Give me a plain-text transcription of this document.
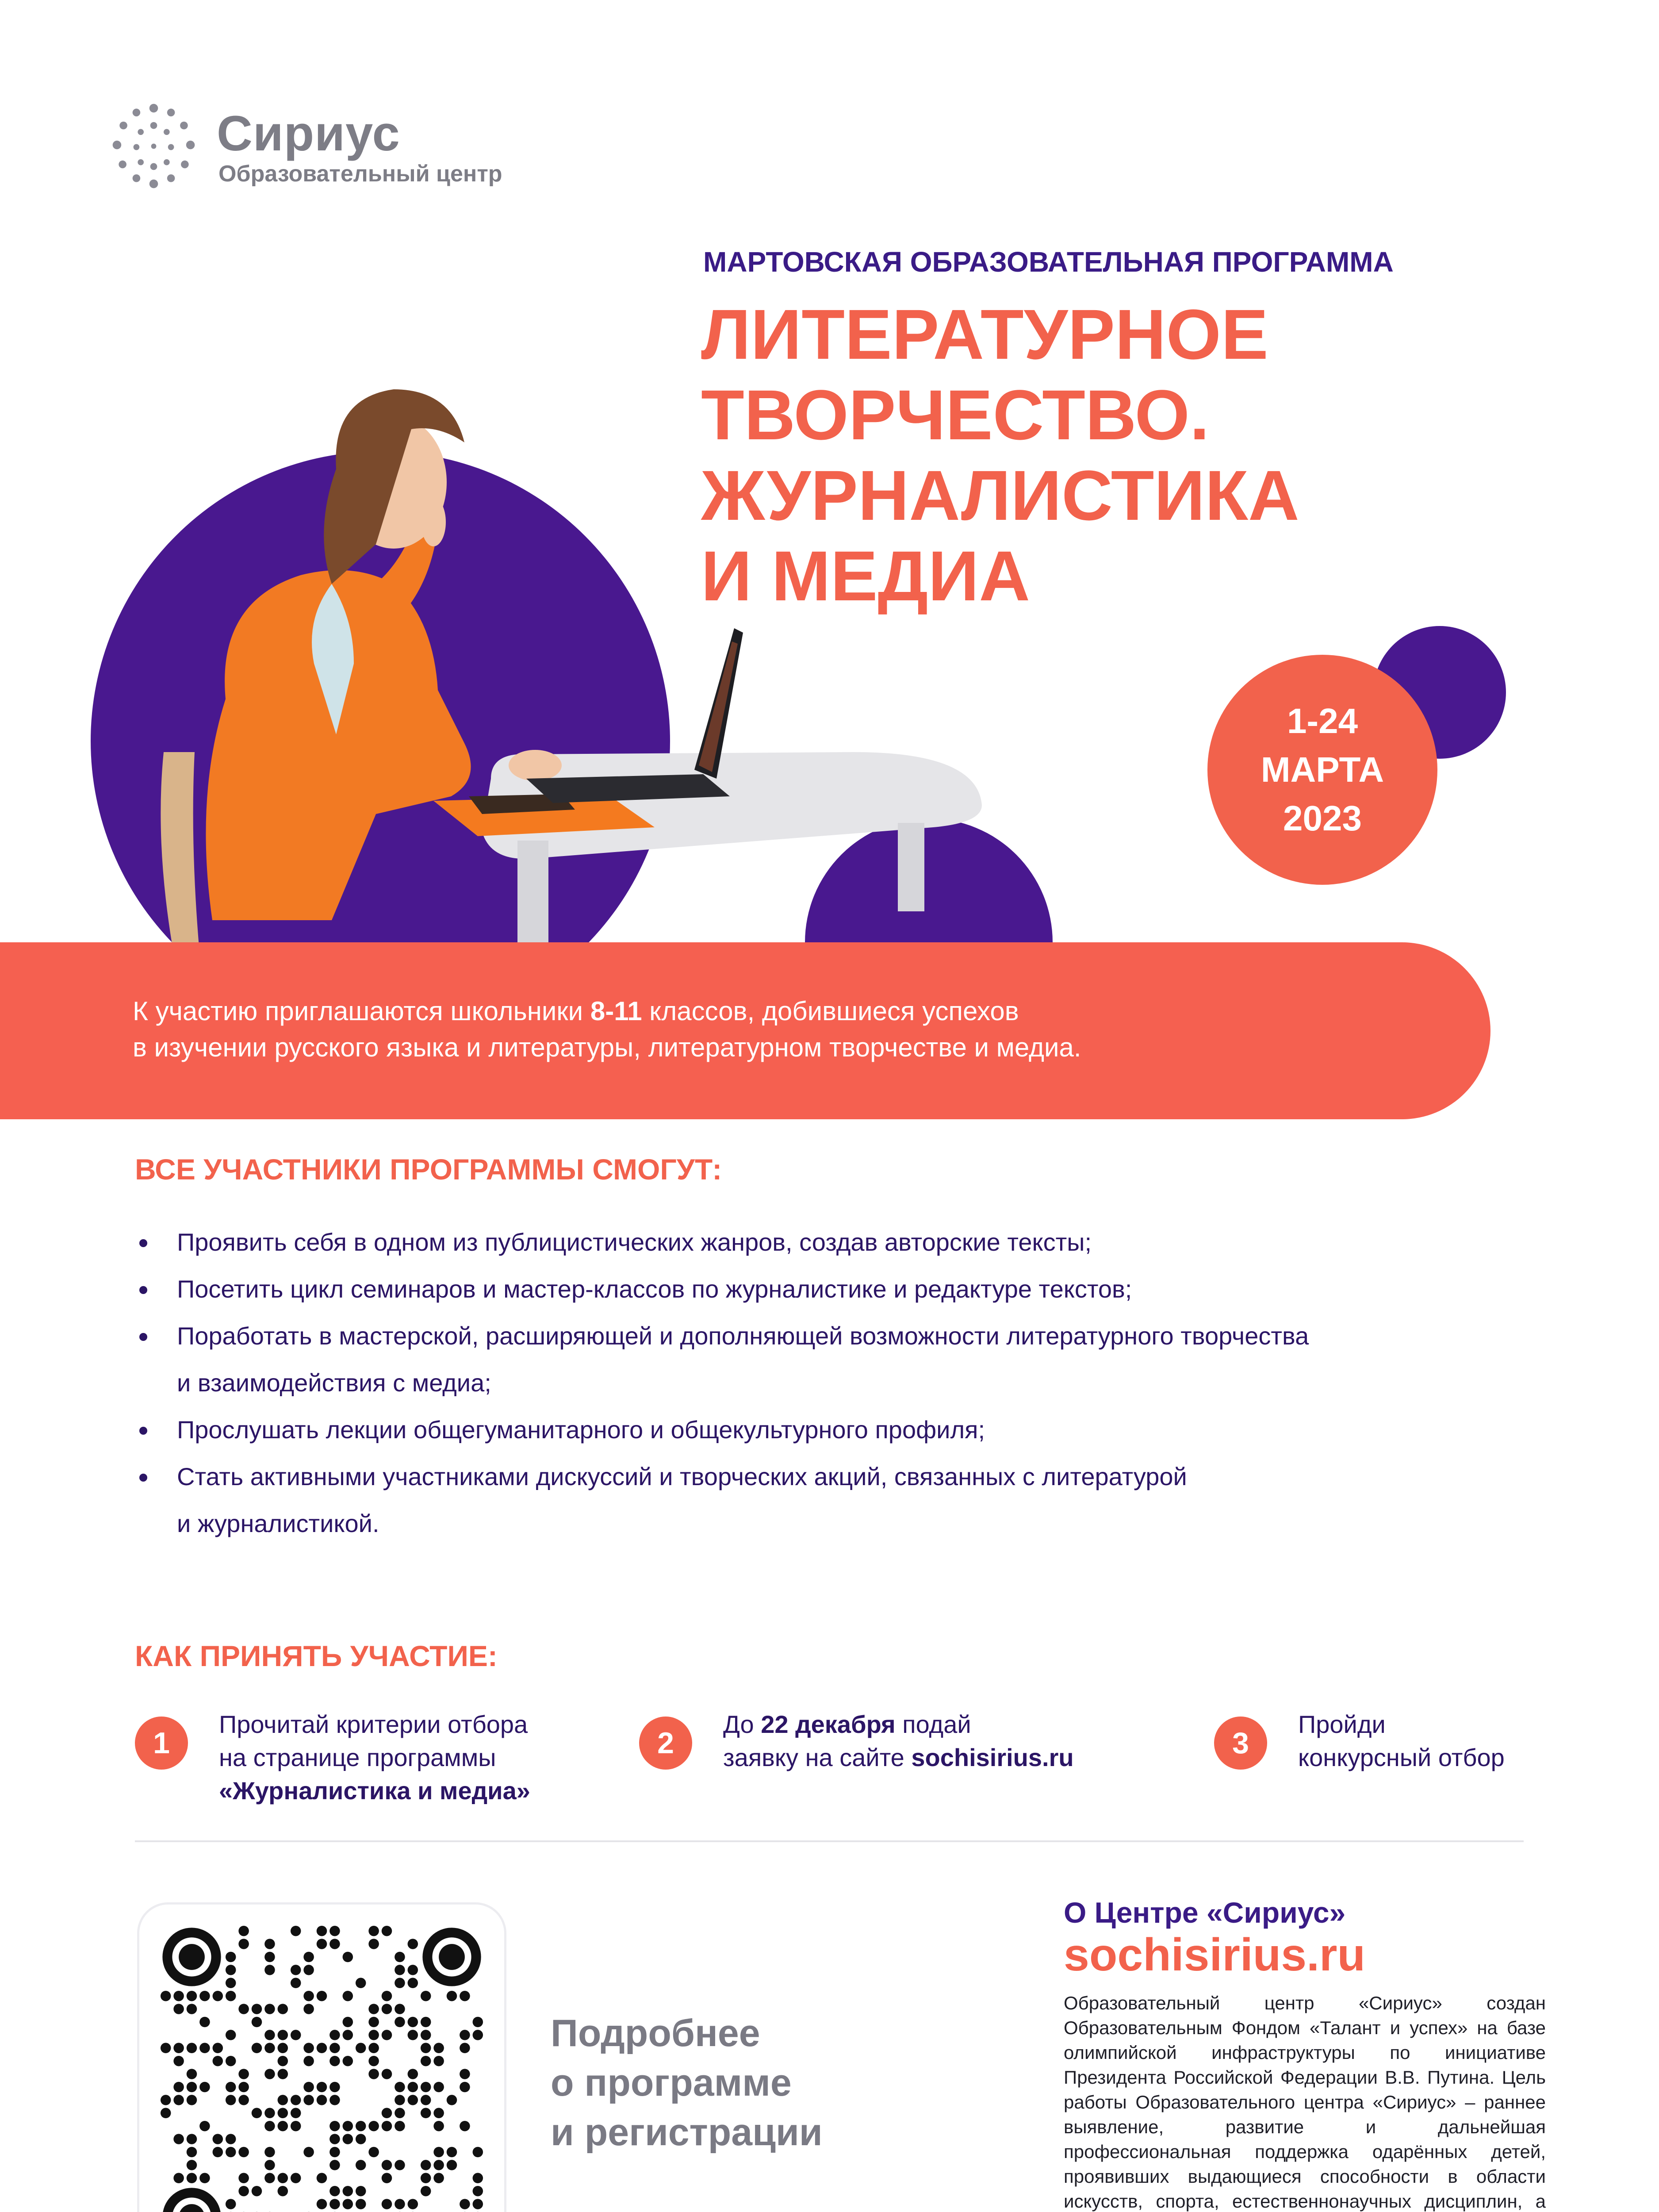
Сириус
Образовательный центр
МАРТОВСКАЯ ОБРАЗОВАТЕЛЬНАЯ ПРОГРАММА
ЛИТЕРАТУРНОЕ
ТВОРЧЕСТВО.
ЖУРНАЛИСТИКА
И МЕДИА
1-24
МАРТА
2023
К участию приглашаются школьники 8-11 классов, добившиеся успехов
в изучении русского языка и литературы, литературном творчестве и медиа.
ВСЕ УЧАСТНИКИ ПРОГРАММЫ СМОГУТ:
Проявить себя в одном из публицистических жанров, создав авторские тексты;
Посетить цикл семинаров и мастер-классов по журналистике и редактуре текстов;
Поработать в мастерской, расширяющей и дополняющей возможности литературного творчества
и взаимодействия с медиа;
Прослушать лекции общегуманитарного и общекультурного профиля;
Стать активными участниками дискуссий и творческих акций, связанных с литературой
и журналистикой.
КАК ПРИНЯТЬ УЧАСТИЕ:
1
Прочитай критерии отбора
на странице программы
«Журналистика и медиа»
2
До 22 декабря подай
заявку на сайте sochisirius.ru	3
Пройди
конкурсный отбор
Подробнее
о программе
и регистрации
О Центре «Сириус»
sochisirius.ru
Образовательный центр «Сириус» создан Образовательным Фондом «Талант и успех» на базе олимпийской инфраструктуры по инициативе Президента Российской Федерации В.В. Путина. Цель работы Образовательного центра «Сириус» – раннее выявление, развитие и дальнейшая профессиональная поддержка одарённых детей, проявивших выдающиеся способности в области искусств, спорта, естественнонаучных дисциплин, а
